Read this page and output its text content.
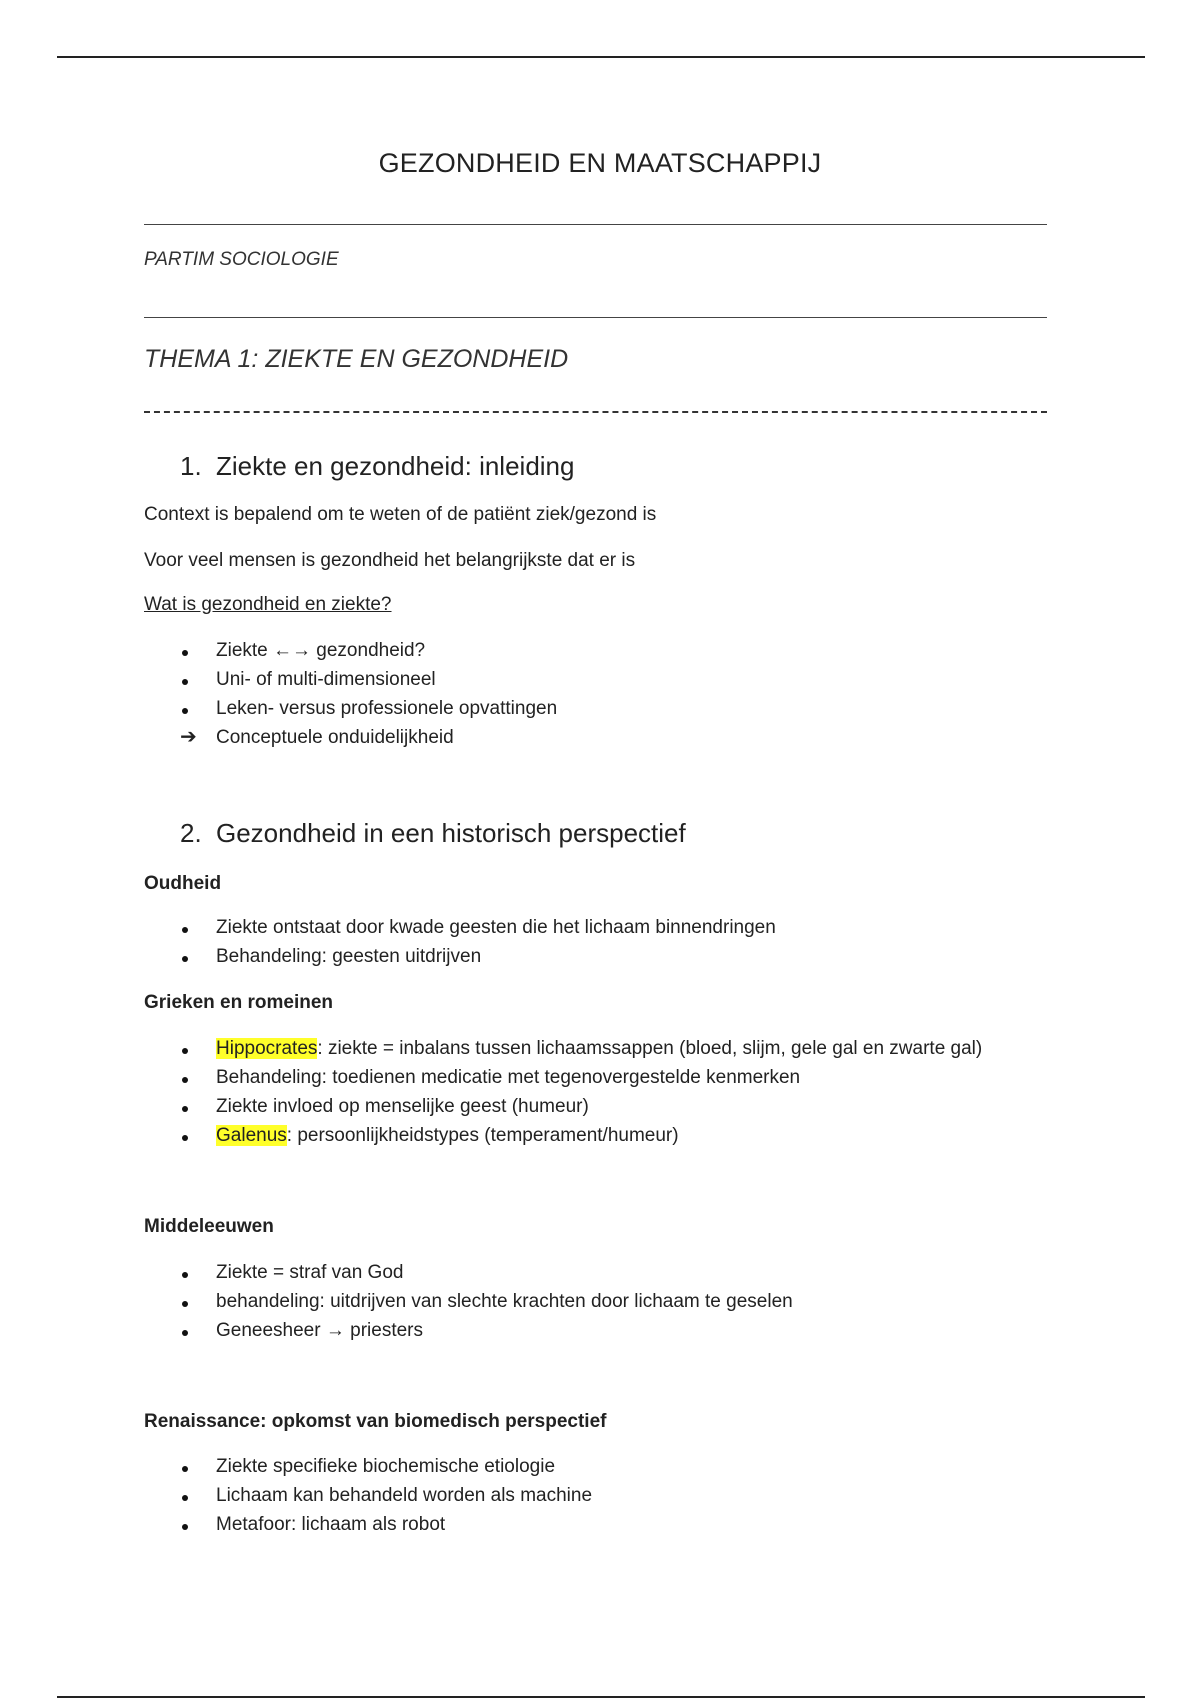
GEZONDHEID EN MAATSCHAPPIJ
PARTIM SOCIOLOGIE
THEMA 1: ZIEKTE EN GEZONDHEID
1. Ziekte en gezondheid: inleiding
Context is bepalend om te weten of de patiënt ziek/gezond is
Voor veel mensen is gezondheid het belangrijkste dat er is
Wat is gezondheid en ziekte?
Ziekte ←→ gezondheid?
Uni- of multi-dimensioneel
Leken- versus professionele opvattingen
➔ Conceptuele onduidelijkheid
2. Gezondheid in een historisch perspectief
Oudheid
Ziekte ontstaat door kwade geesten die het lichaam binnendringen
Behandeling: geesten uitdrijven
Grieken en romeinen
Hippocrates: ziekte = inbalans tussen lichaamssappen (bloed, slijm, gele gal en zwarte gal)
Behandeling: toedienen medicatie met tegenovergestelde kenmerken
Ziekte invloed op menselijke geest (humeur)
Galenus: persoonlijkheidstypes (temperament/humeur)
Middeleeuwen
Ziekte = straf van God
behandeling: uitdrijven van slechte krachten door lichaam te geselen
Geneesheer → priesters
Renaissance: opkomst van biomedisch perspectief
Ziekte specifieke biochemische etiologie
Lichaam kan behandeld worden als machine
Metafoor: lichaam als robot
